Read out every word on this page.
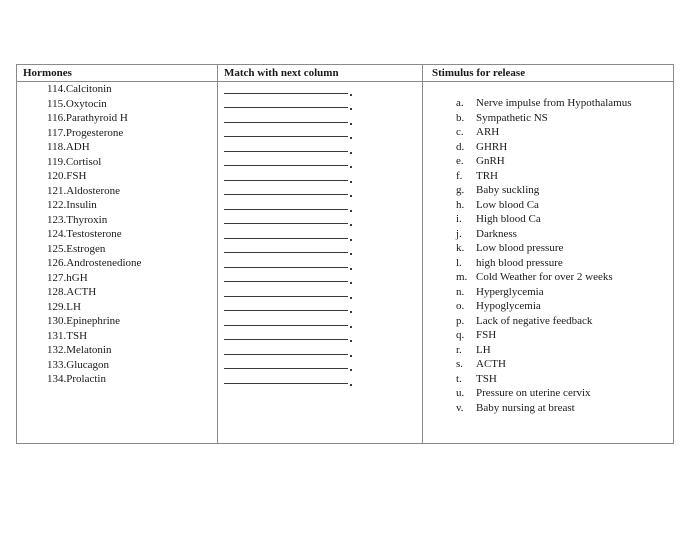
Hormones
114.Calcitonin
115.Oxytocin
116.Parathyroid H
117.Progesterone
118.ADH
119.Cortisol
120.FSH
121.Aldosterone
122.Insulin
123.Thyroxin
124.Testosterone
125.Estrogen
126.Androstenedione
127.hGH
128.ACTH
129.LH
130.Epinephrine
131.TSH
132.Melatonin
133.Glucagon
134.Prolactin
Match with next column	Stimulus for release
a. Nerve impulse from Hypothalamus
b. Sympathetic NS
c. ARH
d. GHRH
e. GnRH
f. TRH
g. Baby suckling
h. Low blood Ca
i. High blood Ca
j. Darkness
k. Low blood pressure
l. high blood pressure
m. Cold Weather for over 2 weeks
n. Hyperglycemia
o. Hypoglycemia
p. Lack of negative feedback
q. FSH
r. LH
s. ACTH
t. TSH
u. Pressure on uterine cervix
v. Baby nursing at breast
